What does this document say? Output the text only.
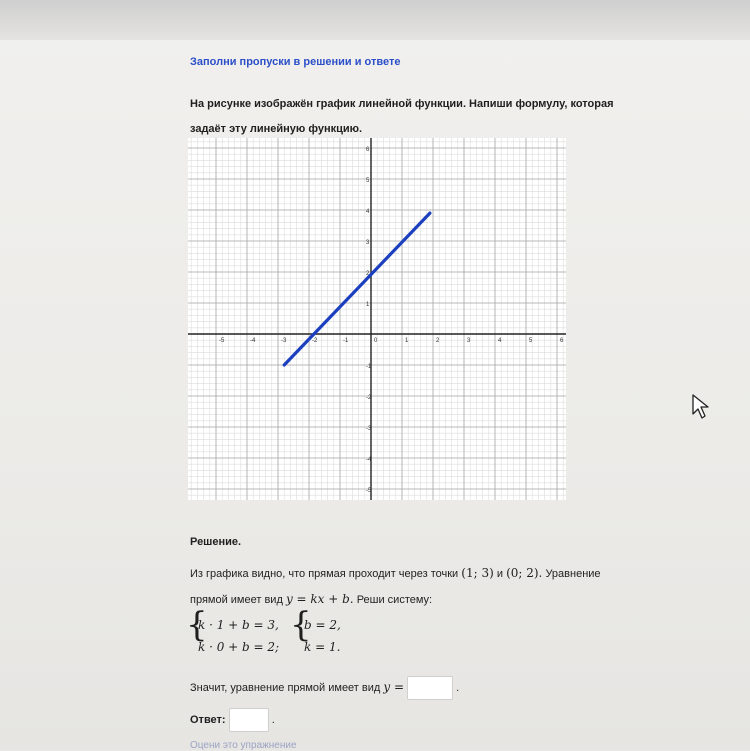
Заполни пропуски в решении и ответе
На рисунке изображён график линейной функции. Напиши формулу, которая задаёт эту линейную функцию.
-5	-4	-3	-2	-1	0	1	2	3	4	5	6
6
5
4
3
2
1
-1
-2
-3
-4
-5
Решение.
Из графика видно, что прямая проходит через точки (1; 3) и (0; 2). Уравнение
прямой имеет вид y = kx + b. Реши систему:
{
k · 1 + b = 3,
k · 0 + b = 2;
{
b = 2,
k = 1.
Значит, уравнение прямой имеет вид y =	.
Ответ:	.
Оцени это упражнение
